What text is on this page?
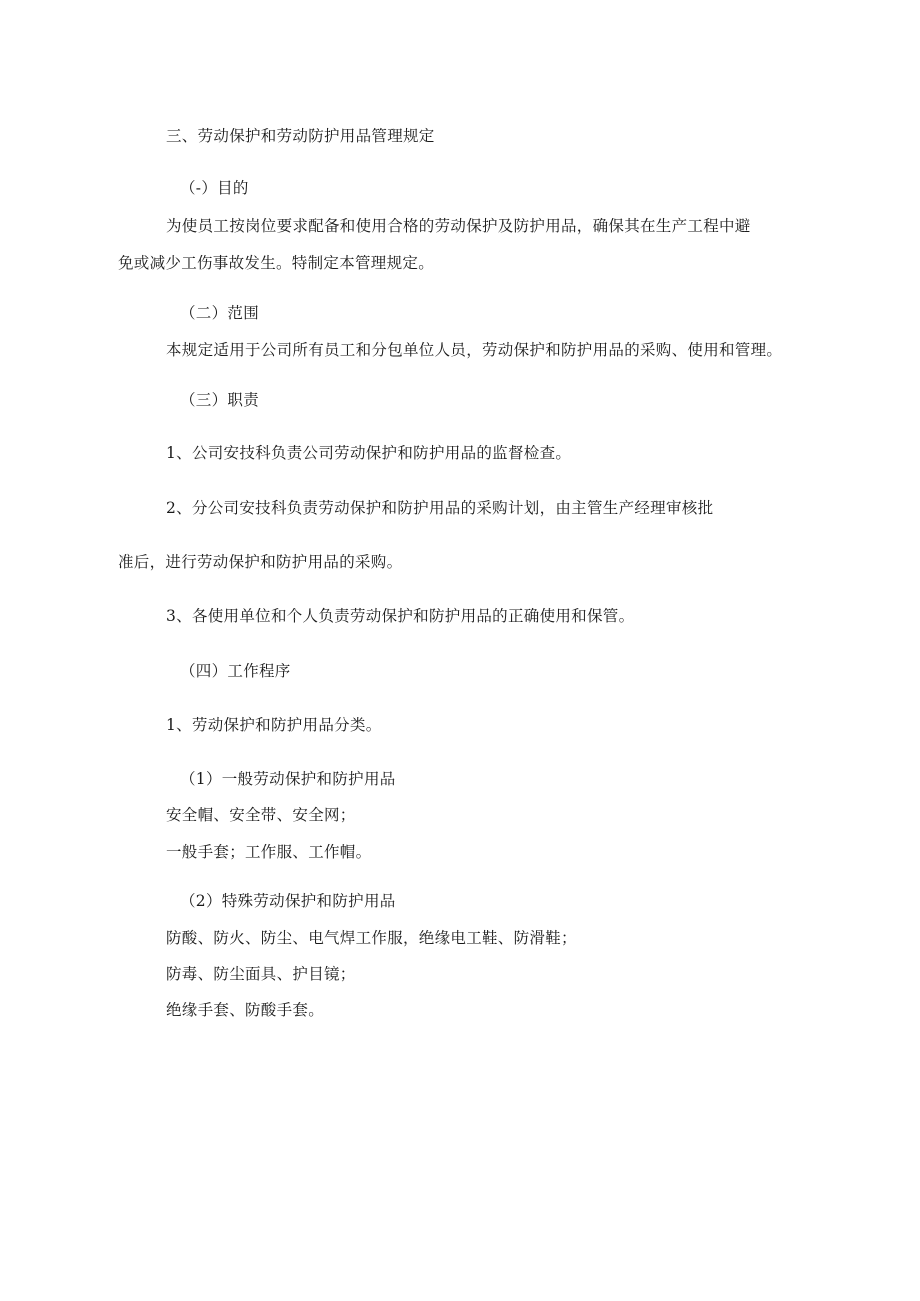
三、劳动保护和劳动防护用品管理规定
（-）目的
为使员工按岗位要求配备和使用合格的劳动保护及防护用品，确保其在生产工程中避
免或减少工伤事故发生。特制定本管理规定。
（二）范围
本规定适用于公司所有员工和分包单位人员，劳动保护和防护用品的采购、使用和管理。
（三）职责
1、公司安技科负责公司劳动保护和防护用品的监督检查。
2、分公司安技科负责劳动保护和防护用品的采购计划，由主管生产经理审核批
准后，进行劳动保护和防护用品的采购。
3、各使用单位和个人负责劳动保护和防护用品的正确使用和保管。
（四）工作程序
1、劳动保护和防护用品分类。
（1）一般劳动保护和防护用品
安全帽、安全带、安全网；
一般手套；工作服、工作帽。
（2）特殊劳动保护和防护用品
防酸、防火、防尘、电气焊工作服，绝缘电工鞋、防滑鞋；
防毒、防尘面具、护目镜；
绝缘手套、防酸手套。
